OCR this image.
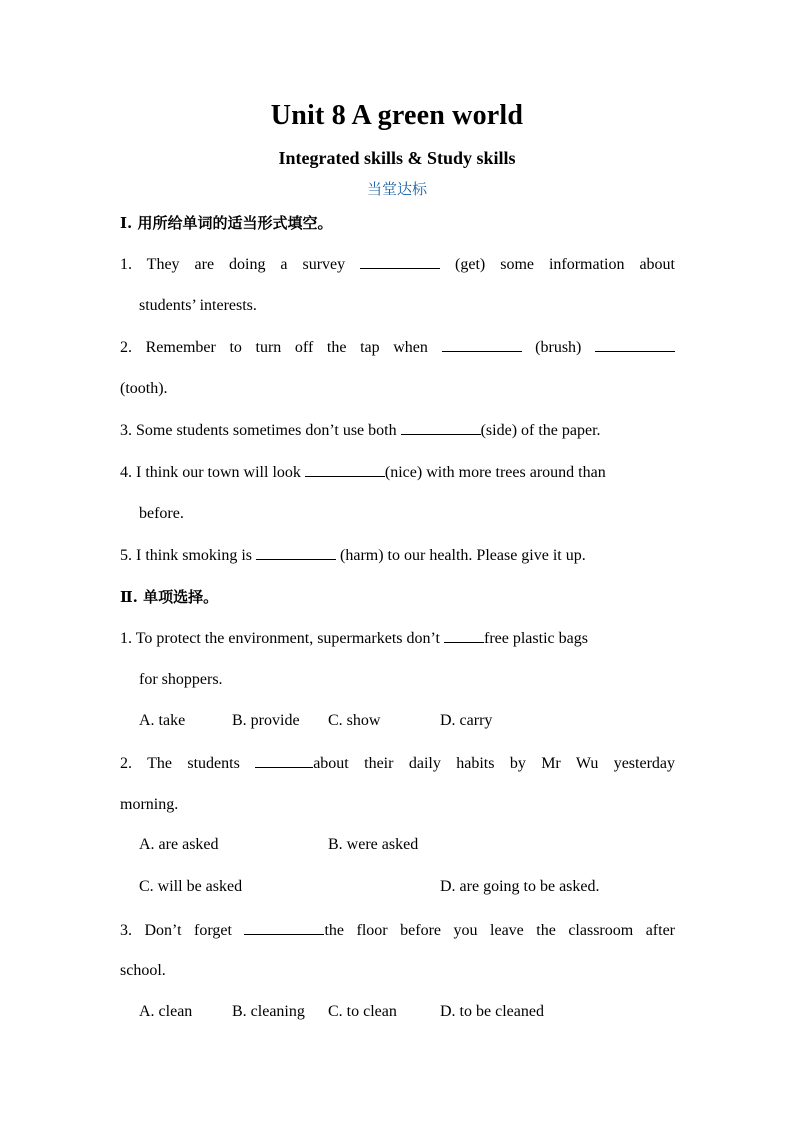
Unit 8 A green world
Integrated skills & Study skills
当堂达标
Ⅰ. 用所给单词的适当形式填空。
1. They are doing a survey	(get) some information about
students’ interests.
2. Remember to turn off the tap when	(brush)
(tooth).
3. Some students sometimes don’t use both	(side) of the paper.
4. I think our town will look	(nice) with more trees around than
before.
5. I think smoking is	(harm) to our health. Please give it up.
Ⅱ. 单项选择。
1. To protect the environment, supermarkets don’t	free plastic bags
for shoppers.
A. take	B. provide C. show	D. carry
2. The students	about their daily habits by Mr Wu yesterday
morning.
A. are asked	B. were asked
C. will be asked	D. are going to be asked.
3. Don’t forget	the floor before you leave the classroom after
school.
A. clean B. cleaning C. to clean	D. to be cleaned
